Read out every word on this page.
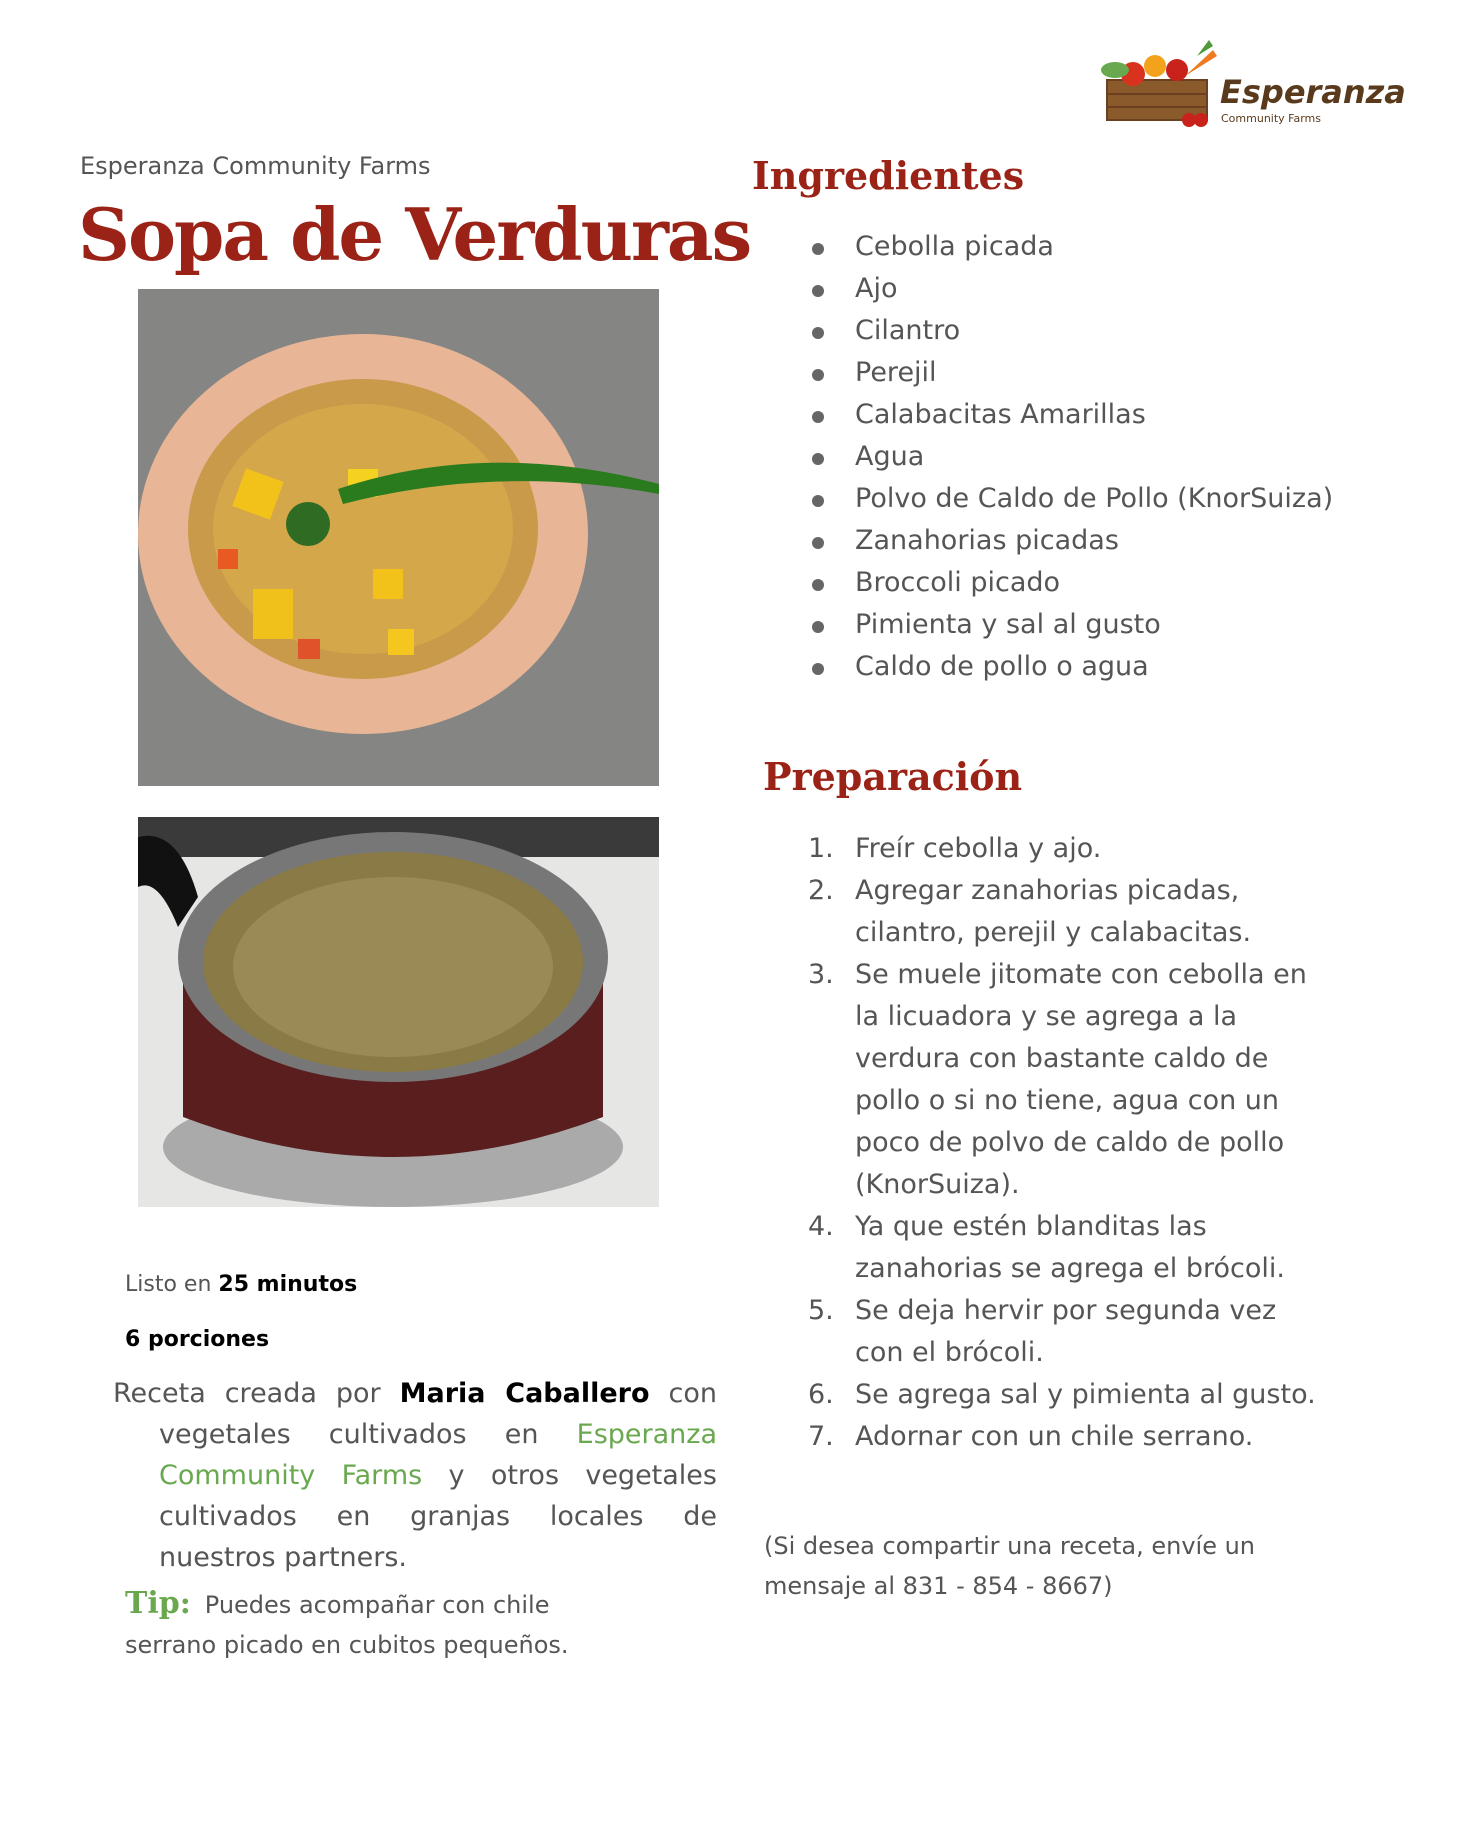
Esperanza
Community Farms
Esperanza Community Farms
Sopa de Verduras
Ingredientes
Cebolla picada
Ajo
Cilantro
Perejil
Calabacitas Amarillas
Agua
Polvo de Caldo de Pollo (KnorSuiza)
Zanahorias picadas
Broccoli picado
Pimienta y sal al gusto
Caldo de pollo o agua
Preparación
1. Freír cebolla y ajo.
2. Agregar zanahorias picadas, cilantro, perejil y calabacitas.
3. Se muele jitomate con cebolla en la licuadora y se agrega a la verdura con bastante caldo de pollo o si no tiene, agua con un poco de polvo de caldo de pollo (KnorSuiza).
4. Ya que estén blanditas las zanahorias se agrega el brócoli.
5. Se deja hervir por segunda vez con el brócoli.
6. Se agrega sal y pimienta al gusto.
7. Adornar con un chile serrano.
(Si desea compartir una receta, envíe un mensaje al 831 - 854 - 8667)
Listo en 25 minutos
6 porciones
Receta creada por Maria Caballero con vegetales cultivados en Esperanza Community Farms y otros vegetales cultivados en granjas locales de nuestros partners.
Tip: Puedes acompañar con chile serrano picado en cubitos pequeños.
